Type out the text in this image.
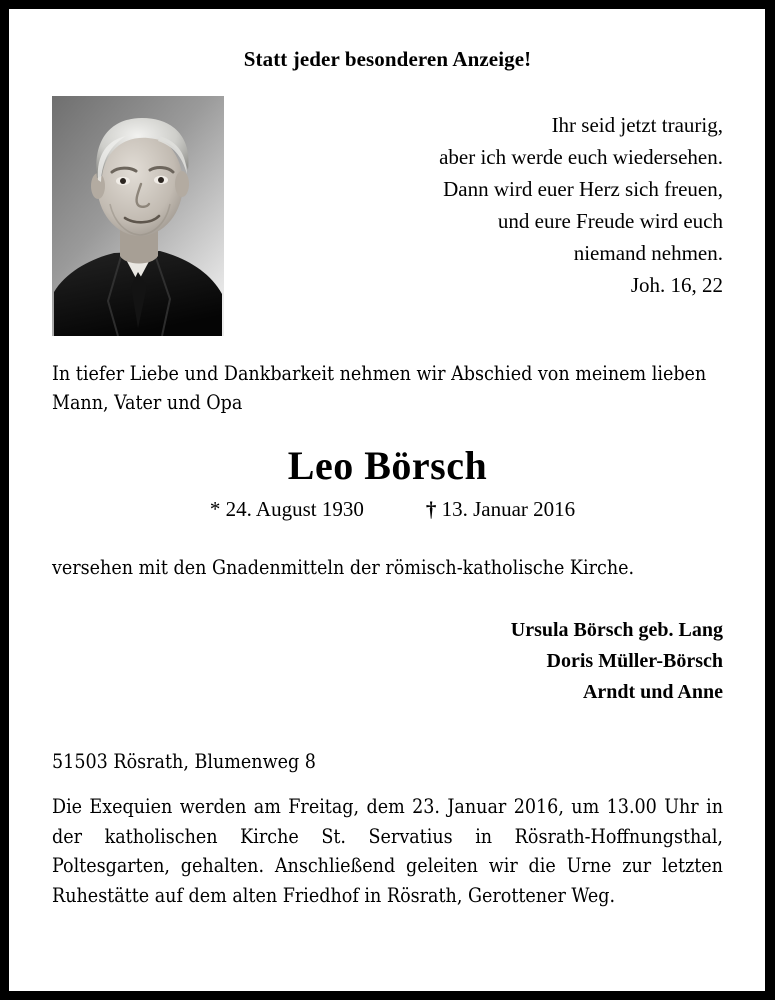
Statt jeder besonderen Anzeige!
Ihr seid jetzt traurig,
aber ich werde euch wiedersehen.
Dann wird euer Herz sich freuen,
und eure Freude wird euch
niemand nehmen.
Joh. 16, 22
In tiefer Liebe und Dankbarkeit nehmen wir Abschied von meinem lieben Mann, Vater und Opa
Leo Börsch
* 24. August 1930	† 13. Januar 2016
versehen mit den Gnadenmitteln der römisch-katholische Kirche.
Ursula Börsch geb. Lang
Doris Müller-Börsch
Arndt und Anne
51503 Rösrath, Blumenweg 8
Die Exequien werden am Freitag, dem 23. Januar 2016, um 13.00 Uhr in der katholischen Kirche St. Servatius in Rösrath-Hoffnungsthal, Poltesgarten, gehalten. Anschließend geleiten wir die Urne zur letzten Ruhestätte auf dem alten Friedhof in Rösrath, Gerottener Weg.
